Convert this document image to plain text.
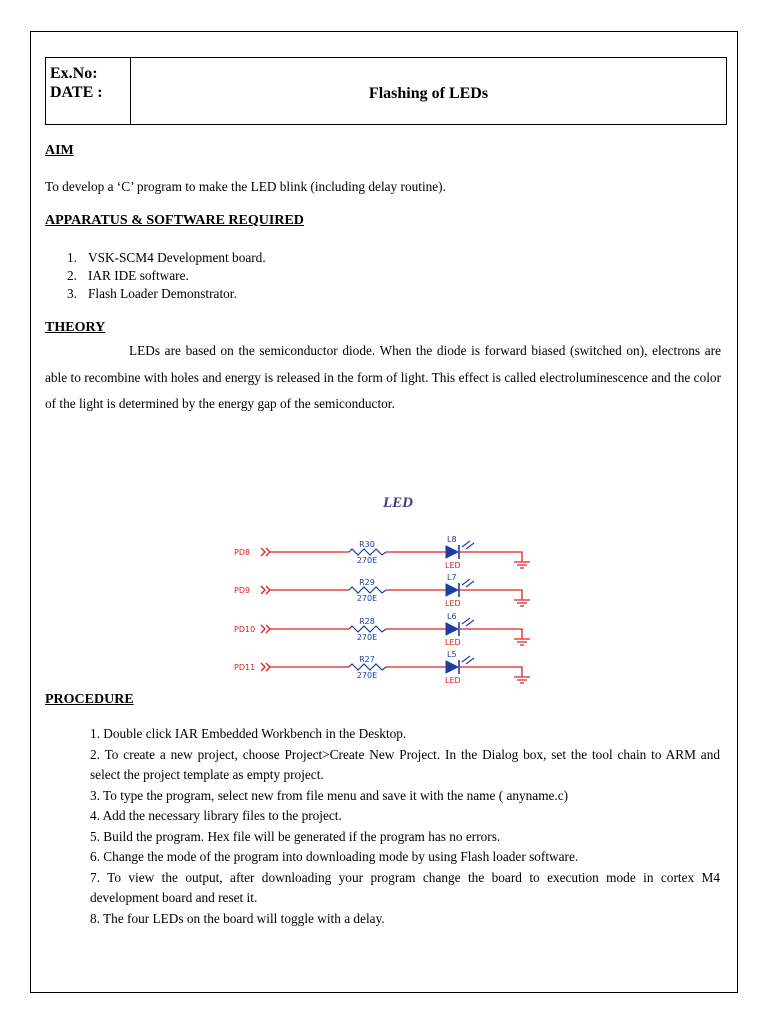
Ex.No:
DATE :	Flashing of LEDs
AIM
To develop a ‘C’ program to make the LED blink (including delay routine).
APPARATUS & SOFTWARE REQUIRED
1. VSK-SCM4 Development board.
2. IAR IDE software.
3. Flash Loader Demonstrator.
THEORY

LEDs are based on the semiconductor diode. When the diode is forward biased (switched on), electrons are able to recombine with holes and energy is released in the form of light. This effect is called electroluminescence and the color of the light is determined by the energy gap of the semiconductor.

LED
PD8
R30
270E
L8
LED
PD9
R29
270E
L7
LED
PD10
R28
270E
L6
LED
PD11
R27
270E
L5
LED
PROCEDURE
1. Double click IAR Embedded Workbench in the Desktop.
2. To create a new project, choose Project>Create New Project. In the Dialog box, set the tool chain to ARM and select the project template as empty project.
3. To type the program, select new from file menu and save it with the name ( anyname.c)
4. Add the necessary library files to the project.
5. Build the program. Hex file will be generated if the program has no errors.
6. Change the mode of the program into downloading mode by using Flash loader software.
7. To view the output, after downloading your program change the board to execution mode in cortex M4 development board and reset it.
8. The four LEDs on the board will toggle with a delay.
